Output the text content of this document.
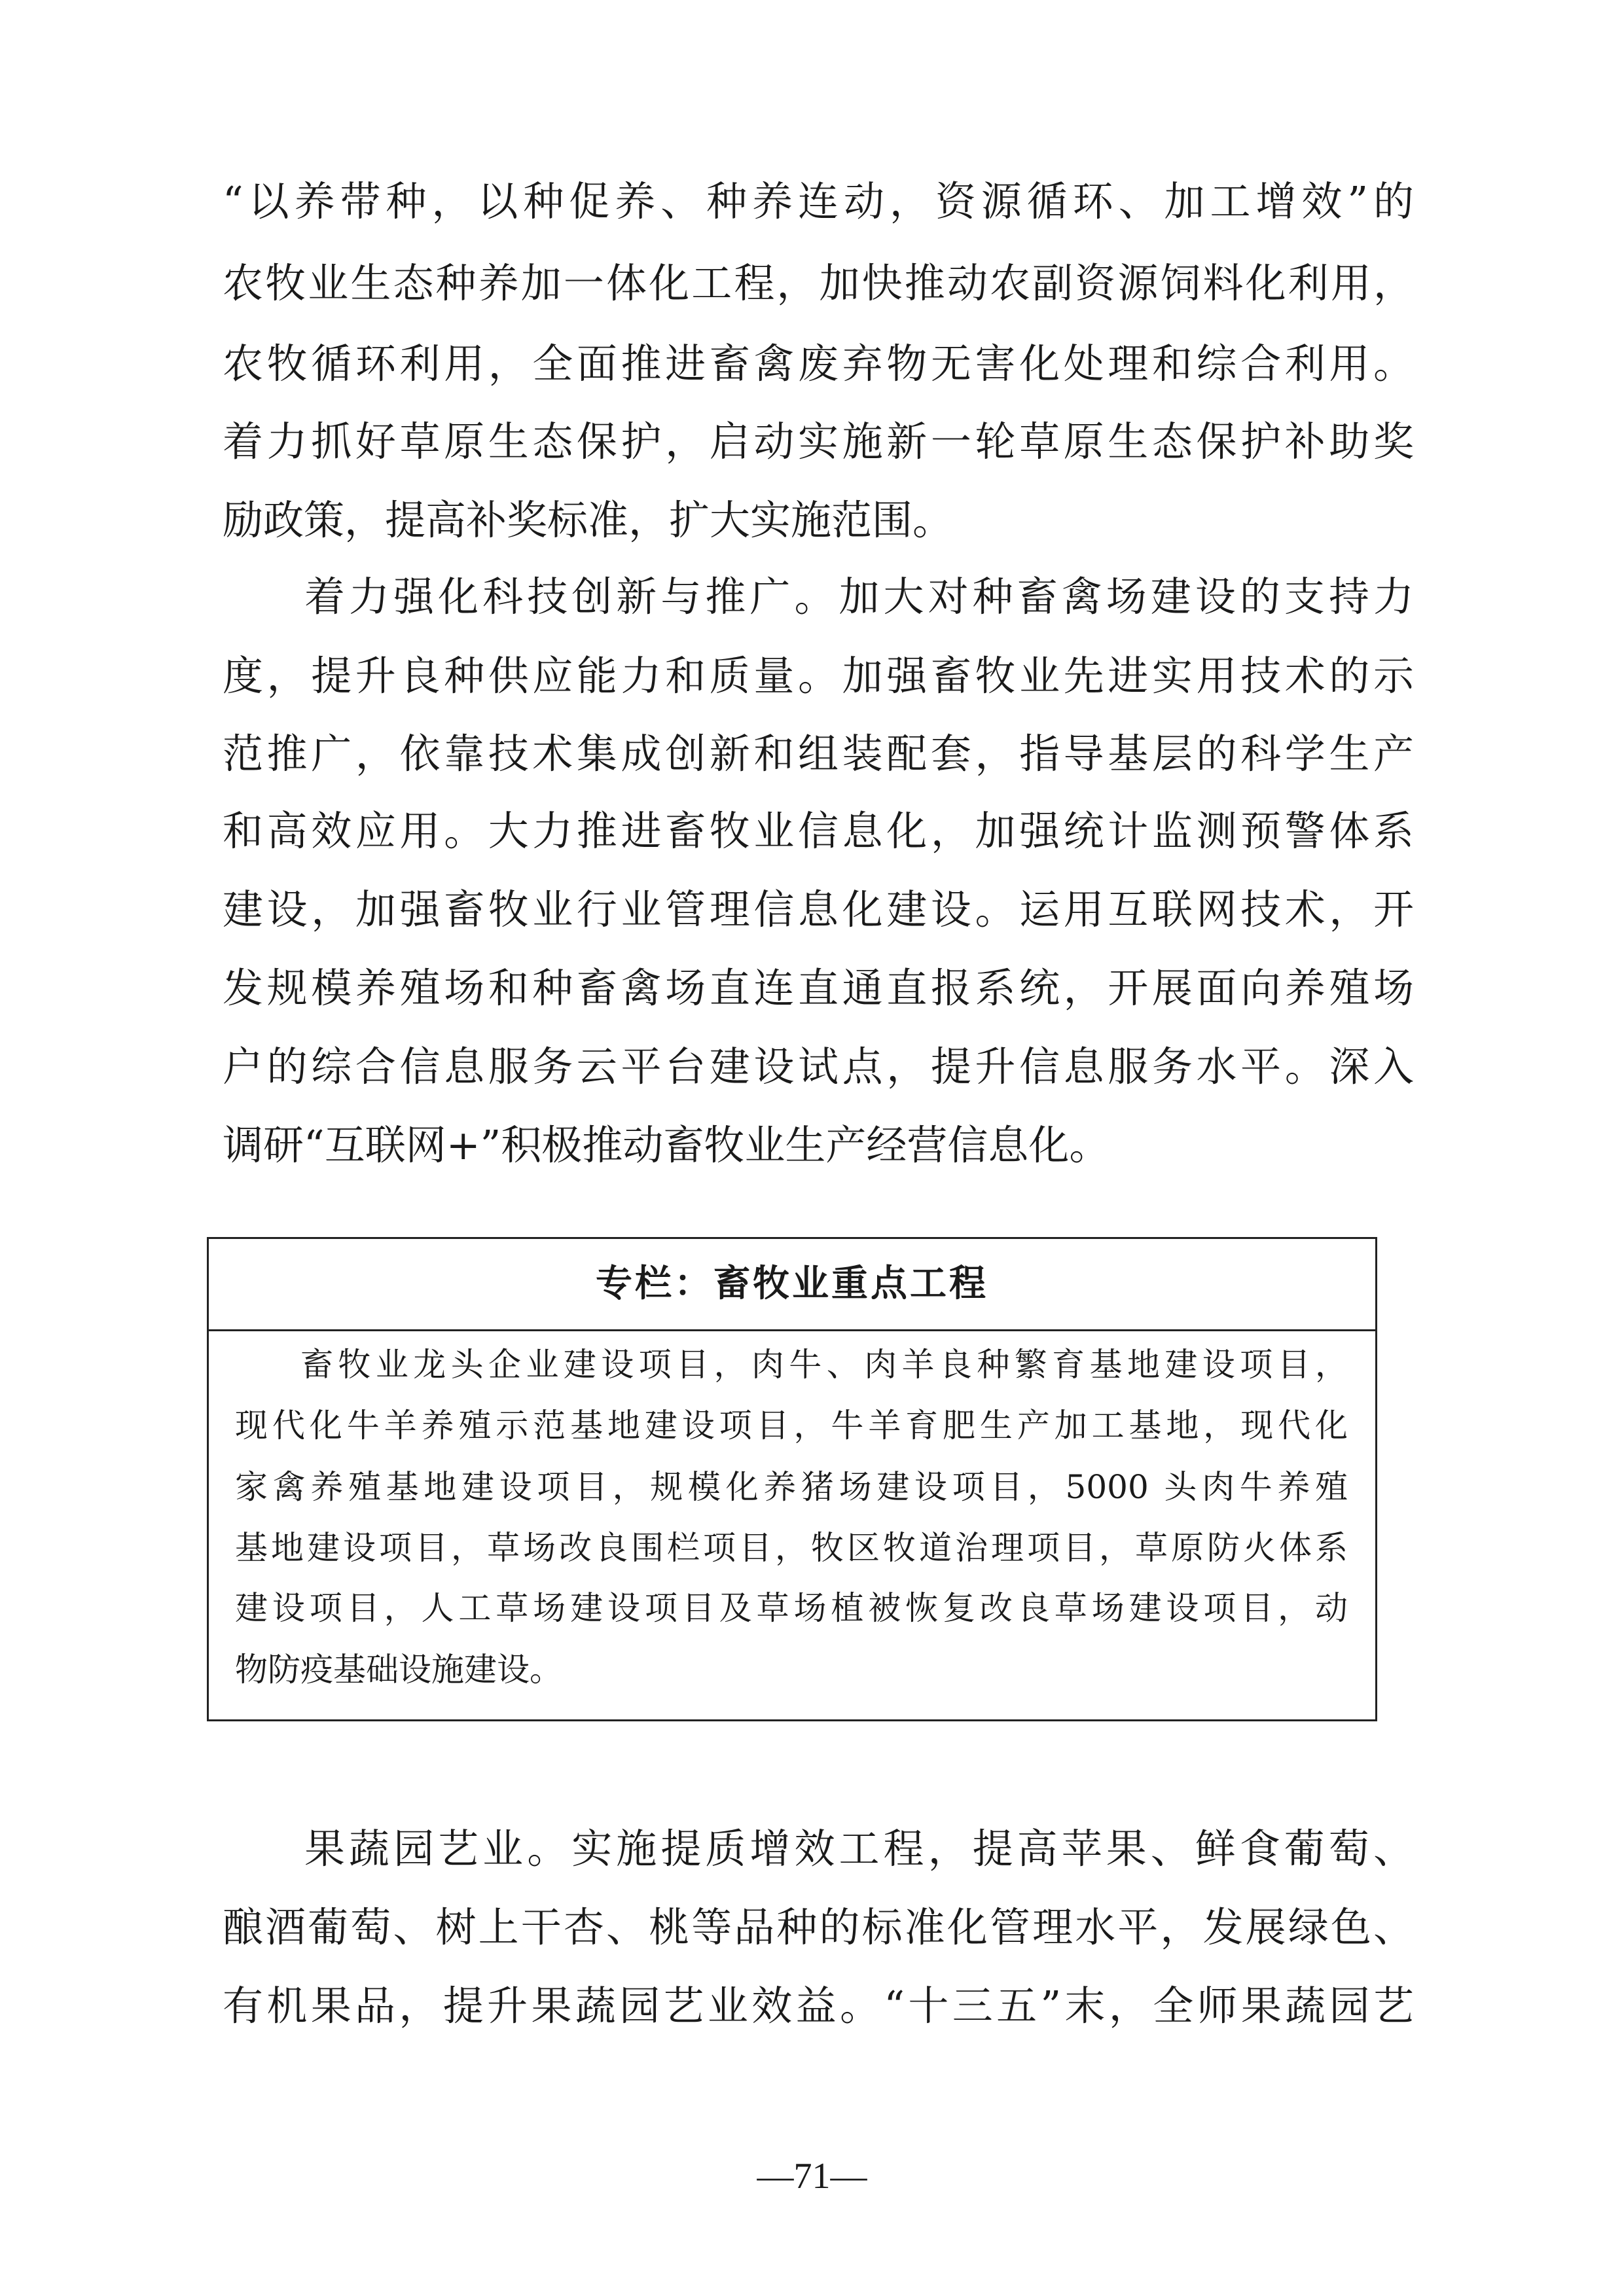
“以养带种，以种促养、种养连动，资源循环、加工增效”的
农牧业生态种养加一体化工程，加快推动农副资源饲料化利用，
农牧循环利用，全面推进畜禽废弃物无害化处理和综合利用。
着力抓好草原生态保护，启动实施新一轮草原生态保护补助奖
励政策，提高补奖标准，扩大实施范围。
着力强化科技创新与推广。加大对种畜禽场建设的支持力
度，提升良种供应能力和质量。加强畜牧业先进实用技术的示
范推广，依靠技术集成创新和组装配套，指导基层的科学生产
和高效应用。大力推进畜牧业信息化，加强统计监测预警体系
建设，加强畜牧业行业管理信息化建设。运用互联网技术，开
发规模养殖场和种畜禽场直连直通直报系统，开展面向养殖场
户的综合信息服务云平台建设试点，提升信息服务水平。深入
调研“互联网+”积极推动畜牧业生产经营信息化。
专栏：畜牧业重点工程
畜牧业龙头企业建设项目，肉牛、肉羊良种繁育基地建设项目，
现代化牛羊养殖示范基地建设项目，牛羊育肥生产加工基地，现代化
家禽养殖基地建设项目，规模化养猪场建设项目，5000 头肉牛养殖
基地建设项目，草场改良围栏项目，牧区牧道治理项目，草原防火体系
建设项目，人工草场建设项目及草场植被恢复改良草场建设项目，动
物防疫基础设施建设。
果蔬园艺业。实施提质增效工程，提高苹果、鲜食葡萄、
酿酒葡萄、树上干杏、桃等品种的标准化管理水平，发展绿色、
有机果品，提升果蔬园艺业效益。“十三五”末，全师果蔬园艺
—71—
